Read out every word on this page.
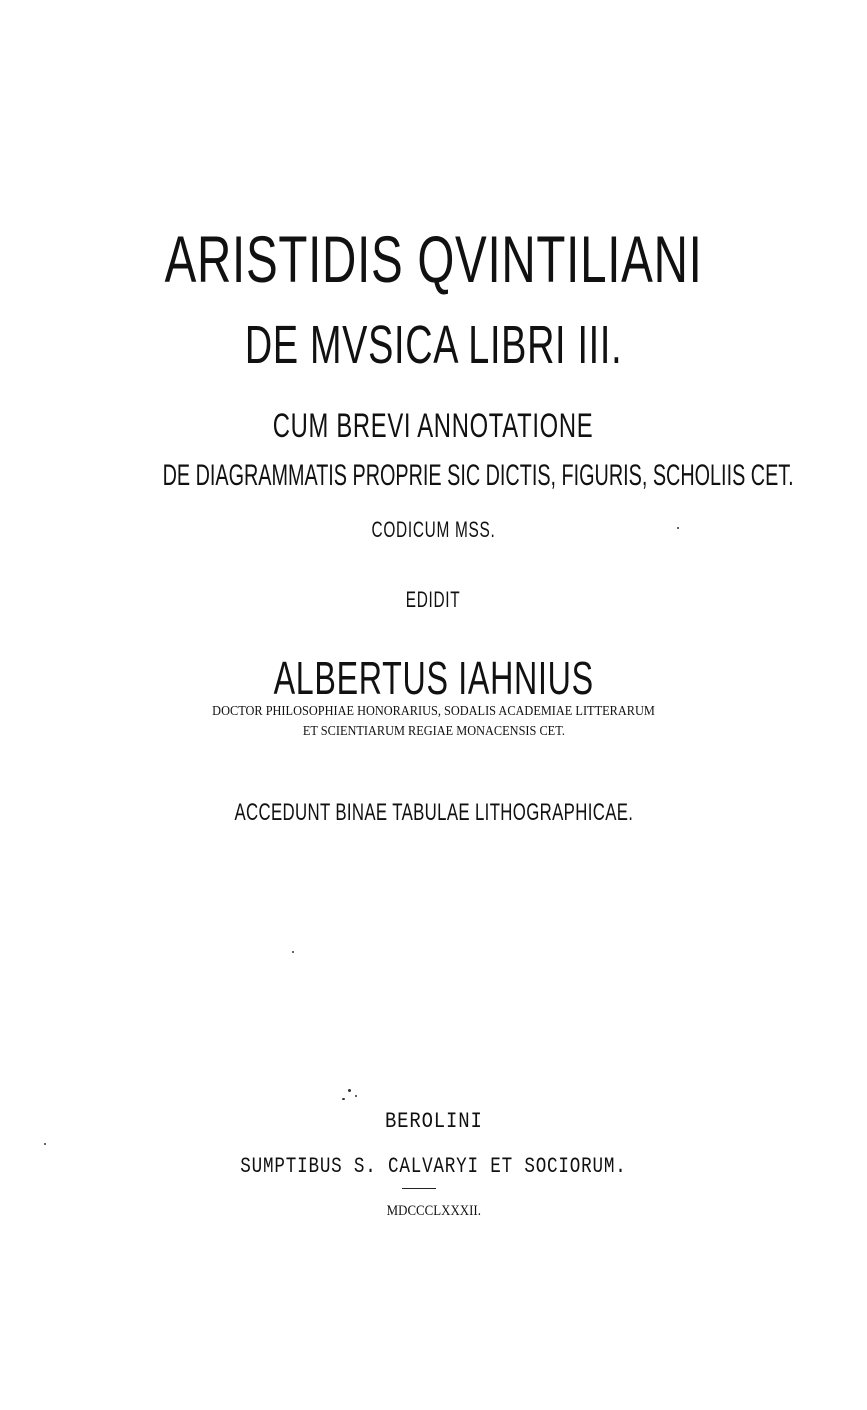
ARISTIDIS QVINTILIANI
DE MVSICA LIBRI III.
CUM BREVI ANNOTATIONE
DE DIAGRAMMATIS PROPRIE SIC DICTIS, FIGURIS, SCHOLIIS CET.
CODICUM MSS.
EDIDIT
ALBERTUS IAHNIUS
DOCTOR PHILOSOPHIAE HONORARIUS, SODALIS ACADEMIAE LITTERARUM
ET SCIENTIARUM REGIAE MONACENSIS CET.
ACCEDUNT BINAE TABULAE LITHOGRAPHICAE.
BEROLINI
SUMPTIBUS S. CALVARYI ET SOCIORUM.
MDCCCLXXXII.
